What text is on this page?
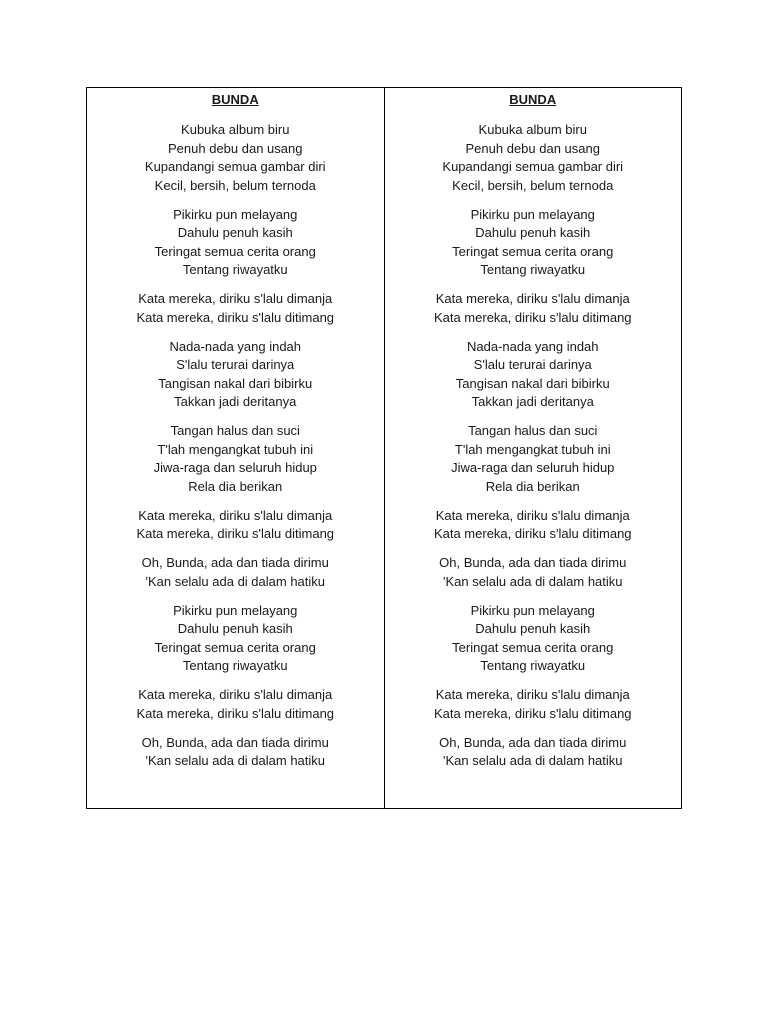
BUNDA
Kubuka album biru
Penuh debu dan usang
Kupandangi semua gambar diri
Kecil, bersih, belum ternoda
Pikirku pun melayang
Dahulu penuh kasih
Teringat semua cerita orang
Tentang riwayatku
Kata mereka, diriku s'lalu dimanja
Kata mereka, diriku s'lalu ditimang
Nada-nada yang indah
S'lalu terurai darinya
Tangisan nakal dari bibirku
Takkan jadi deritanya
Tangan halus dan suci
T'lah mengangkat tubuh ini
Jiwa-raga dan seluruh hidup
Rela dia berikan
Kata mereka, diriku s'lalu dimanja
Kata mereka, diriku s'lalu ditimang
Oh, Bunda, ada dan tiada dirimu
'Kan selalu ada di dalam hatiku
Pikirku pun melayang
Dahulu penuh kasih
Teringat semua cerita orang
Tentang riwayatku
Kata mereka, diriku s'lalu dimanja
Kata mereka, diriku s'lalu ditimang
Oh, Bunda, ada dan tiada dirimu
'Kan selalu ada di dalam hatiku
BUNDA
Kubuka album biru
Penuh debu dan usang
Kupandangi semua gambar diri
Kecil, bersih, belum ternoda
Pikirku pun melayang
Dahulu penuh kasih
Teringat semua cerita orang
Tentang riwayatku
Kata mereka, diriku s'lalu dimanja
Kata mereka, diriku s'lalu ditimang
Nada-nada yang indah
S'lalu terurai darinya
Tangisan nakal dari bibirku
Takkan jadi deritanya
Tangan halus dan suci
T'lah mengangkat tubuh ini
Jiwa-raga dan seluruh hidup
Rela dia berikan
Kata mereka, diriku s'lalu dimanja
Kata mereka, diriku s'lalu ditimang
Oh, Bunda, ada dan tiada dirimu
'Kan selalu ada di dalam hatiku
Pikirku pun melayang
Dahulu penuh kasih
Teringat semua cerita orang
Tentang riwayatku
Kata mereka, diriku s'lalu dimanja
Kata mereka, diriku s'lalu ditimang
Oh, Bunda, ada dan tiada dirimu
'Kan selalu ada di dalam hatiku
